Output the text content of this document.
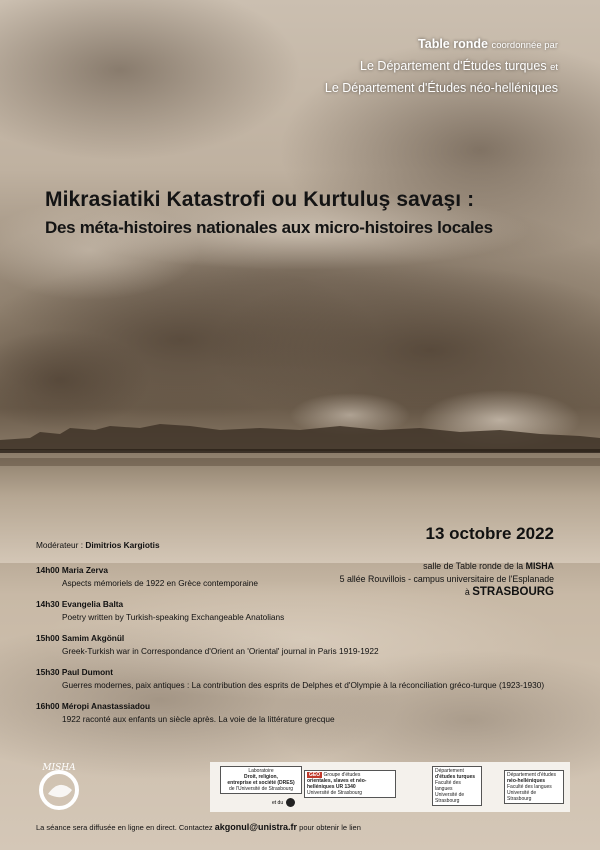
Table ronde coordonnée par
Le Département d'Études turques et
Le Département d'Études néo-helléniques
Mikrasiatiki Katastrofi ou Kurtuluş savaşı :
Des méta-histoires nationales aux micro-histoires locales
13 octobre 2022
salle de Table ronde de la MISHA
5 allée Rouvillois - campus universitaire de l'Esplanade
à STRASBOURG
Modérateur : Dimitrios Kargiotis
14h00 Maria Zerva
Aspects mémoriels de 1922 en Grèce contemporaine
14h30 Evangelia Balta
Poetry written by Turkish-speaking Exchangeable Anatolians
15h00 Samim Akgönül
Greek-Turkish war in Correspondance d'Orient an 'Oriental' journal in Paris 1919-1922
15h30 Paul Dumont
Guerres modernes, paix antiques : La contribution des esprits de Delphes et d'Olympie à la réconciliation gréco-turque (1923-1930)
16h00 Méropi Anastassiadou
1922 raconté aux enfants un siècle après. La voie de la littérature grecque
MISHA	Laboratoire
Droit, religion,
entreprise et société (DRES)
de l'Université de Strasbourg
et du
GEO Groupe d'études
orientales, slaves et néo-helléniques UR 1340
Université de Strasbourg
Département
d'études turques
Faculté des langues
Université de Strasbourg
Département d'études
néo-helléniques
Faculté des langues
Université de Strasbourg
La séance sera diffusée en ligne en direct. Contactez akgonul@unistra.fr pour obtenir le lien
